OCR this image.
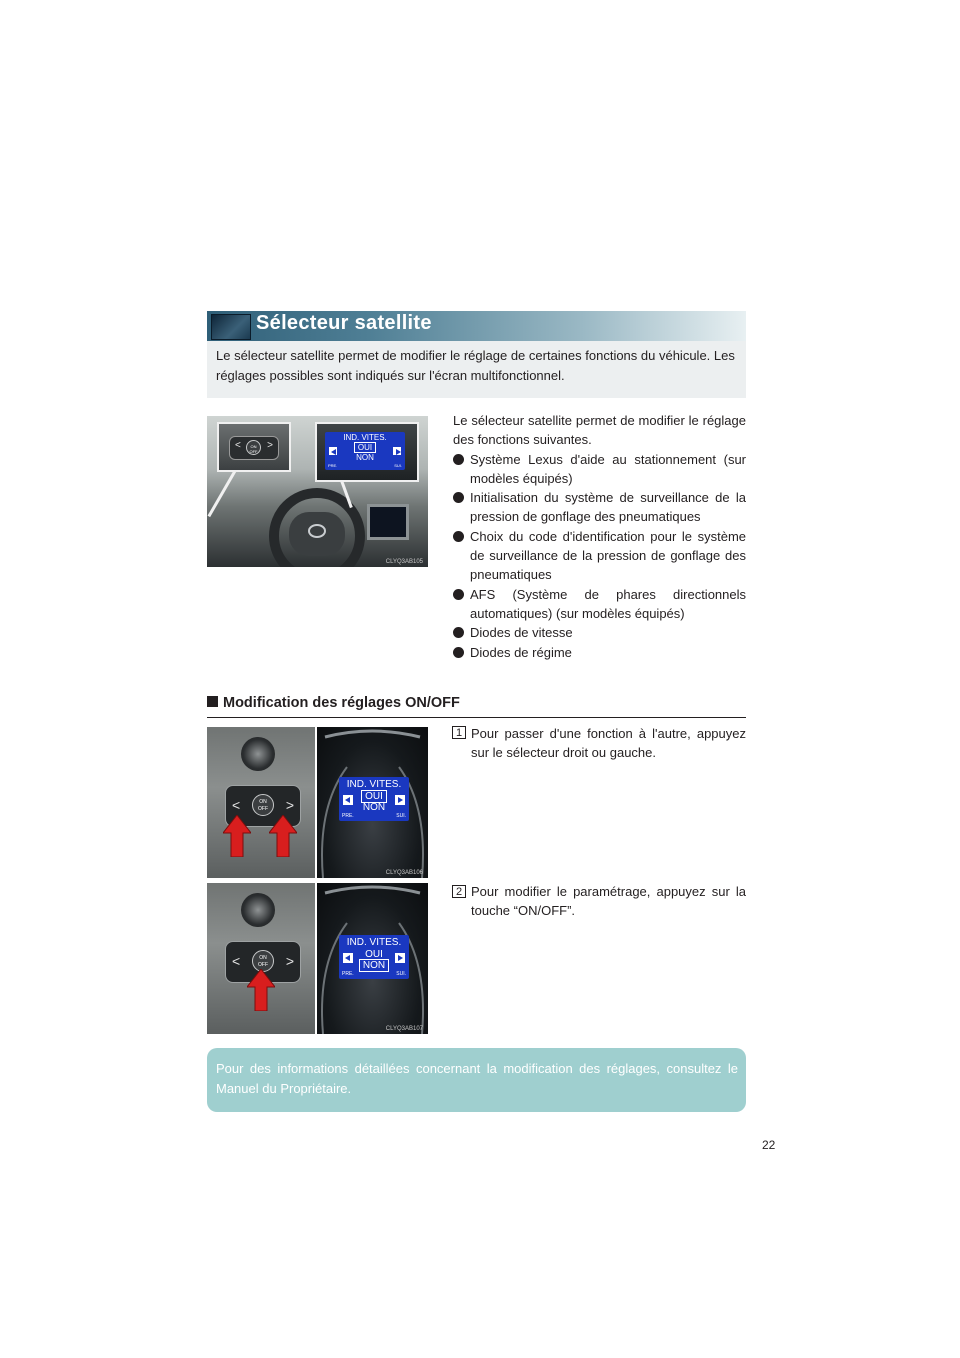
Sélecteur satellite
Le sélecteur satellite permet de modifier le réglage de certaines fonctions du véhicule. Les réglages possibles sont indiqués sur l'écran multifonctionnel.
<	ON
OFF
>
IND. VITES.
OUI
NON
PRE.	SUI.
CLYQ3AB105
Le sélecteur satellite permet de modifier le réglage des fonctions suivantes.
Système Lexus d'aide au stationnement (sur modèles équipés)
Initialisation du système de surveillance de la pression de gonflage des pneumatiques
Choix du code d'identification pour le système de surveillance de la pression de gonflage des pneumatiques
AFS (Système de phares directionnels automatiques) (sur modèles équipés)
Diodes de vitesse
Diodes de régime
Modification des réglages ON/OFF
<	ON
OFF	>
IND. VITES.
OUI
NON
PRE.	SUI.
CLYQ3AB106
1 Pour passer d'une fonction à l'autre, appuyez sur le sélecteur droit ou gauche.
<	ON
OFF	>
IND. VITES.
OUI
NON
PRE.	SUI.
CLYQ3AB107
2 Pour modifier le paramétrage, appuyez sur la touche “ON/OFF”.
Pour des informations détaillées concernant la modification des réglages, consultez le Manuel du Propriétaire.
22
